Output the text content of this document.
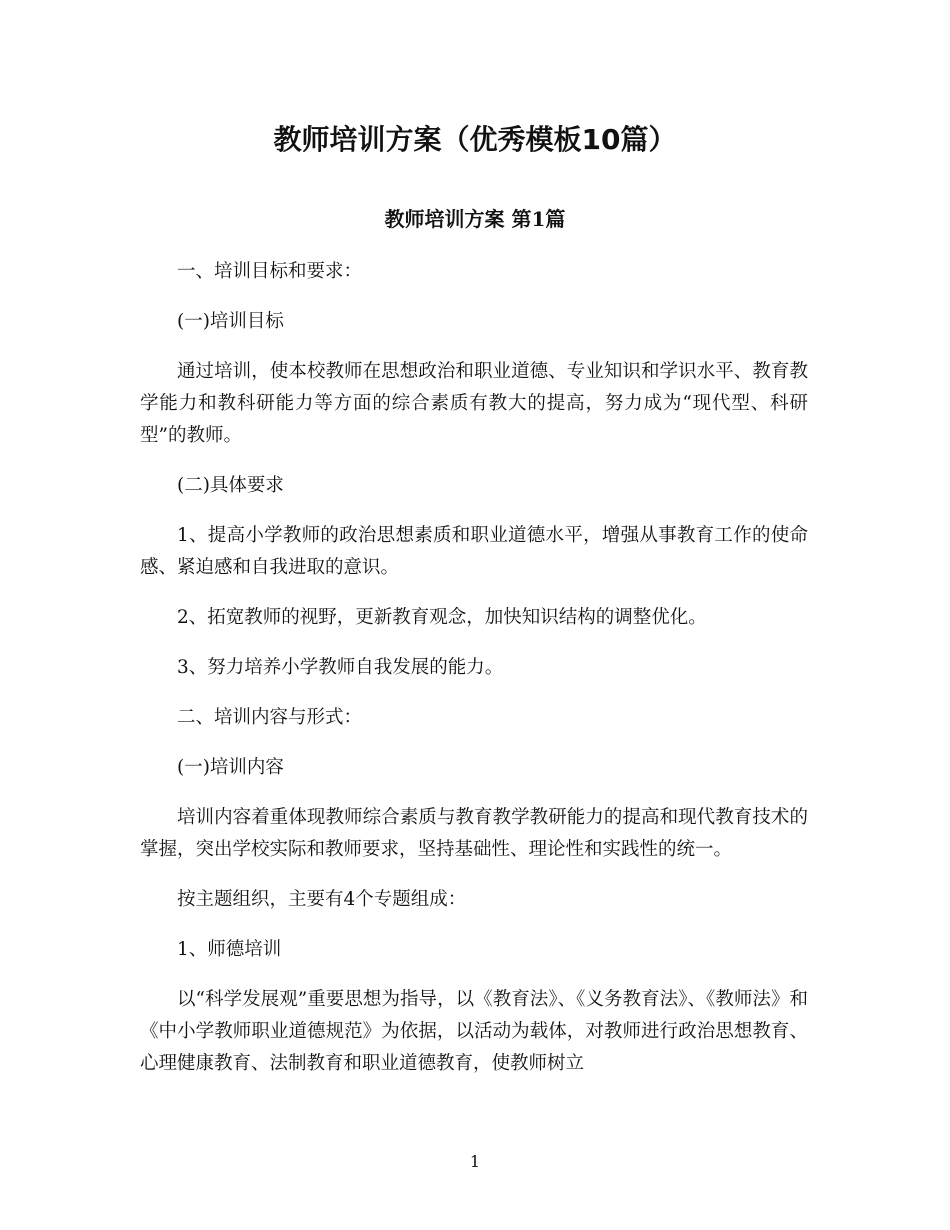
教师培训方案（优秀模板10篇）
教师培训方案 第1篇

一、培训目标和要求：

(一)培训目标

通过培训，使本校教师在思想政治和职业道德、专业知识和学识水平、教育教学能力和教科研能力等方面的综合素质有教大的提高，努力成为“现代型、科研型”的教师。

(二)具体要求

1、提高小学教师的政治思想素质和职业道德水平，增强从事教育工作的使命感、紧迫感和自我进取的意识。

2、拓宽教师的视野，更新教育观念，加快知识结构的调整优化。

3、努力培养小学教师自我发展的能力。

二、培训内容与形式：

(一)培训内容

培训内容着重体现教师综合素质与教育教学教研能力的提高和现代教育技术的掌握，突出学校实际和教师要求，坚持基础性、理论性和实践性的统一。

按主题组织，主要有4个专题组成：

1、师德培训

以“科学发展观”重要思想为指导，以《教育法》、《义务教育法》、《教师法》和《中小学教师职业道德规范》为依据，以活动为载体，对教师进行政治思想教育、心理健康教育、法制教育和职业道德教育，使教师树立

1
